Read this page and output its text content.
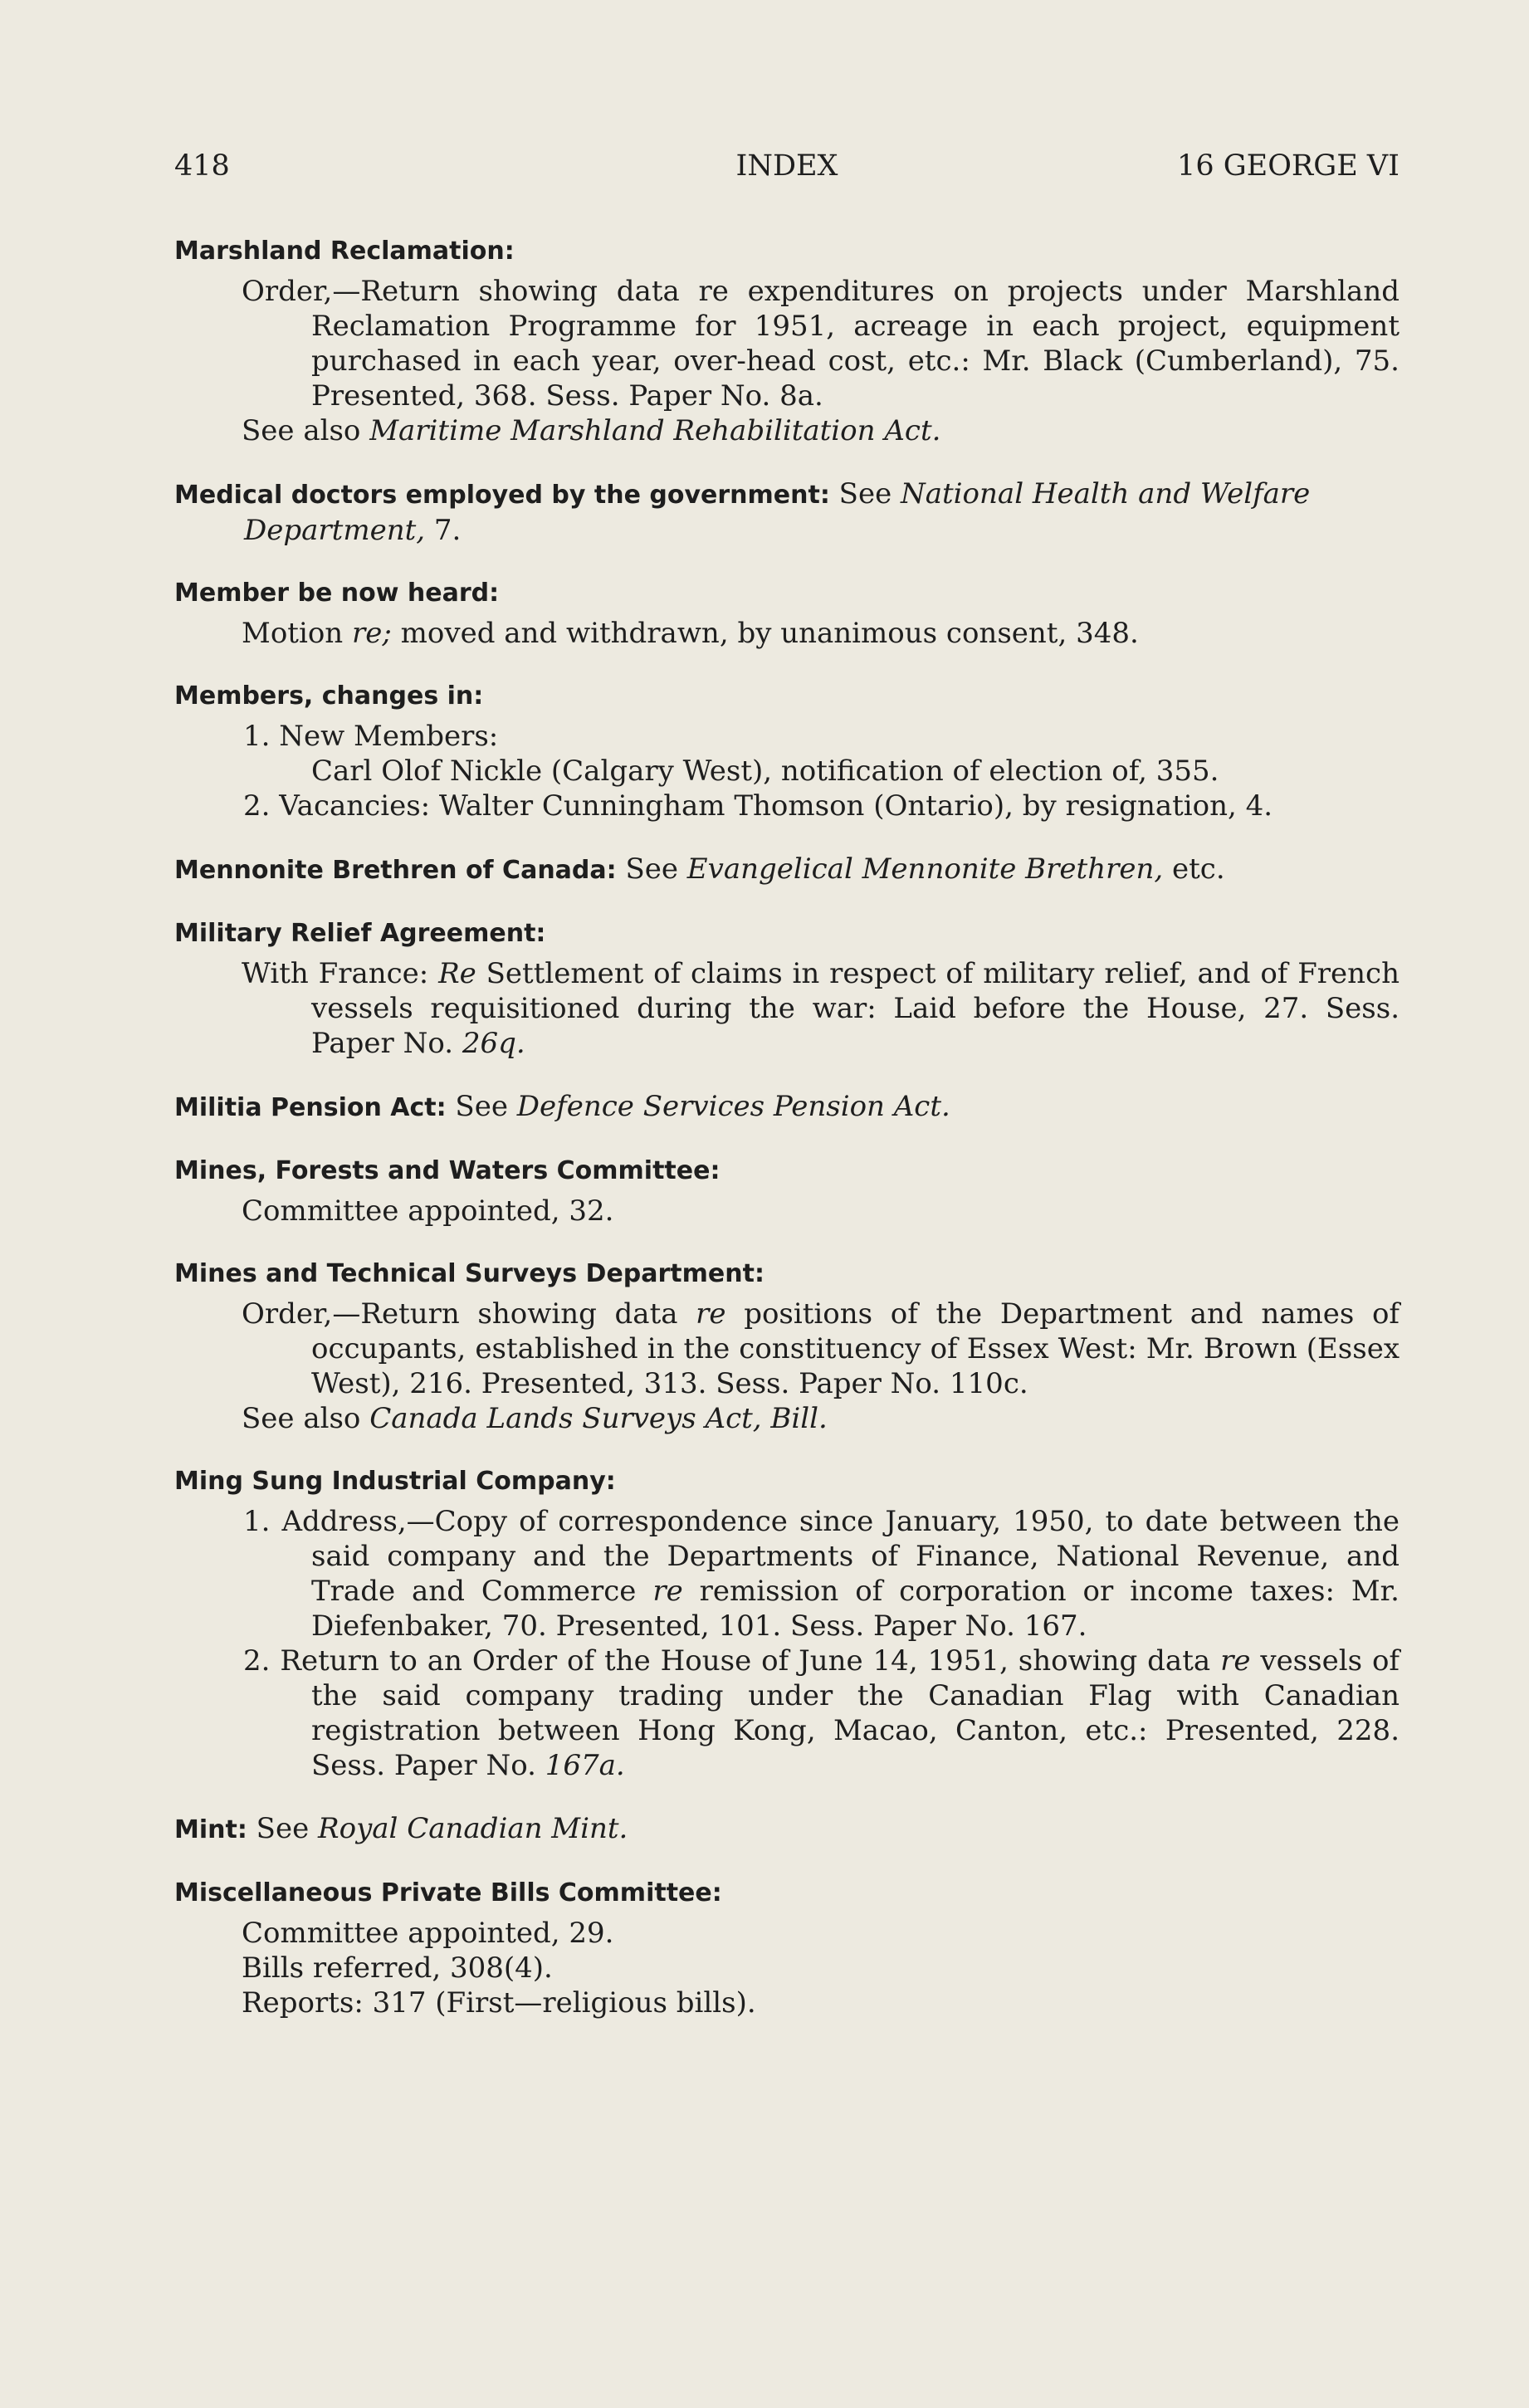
418	INDEX	16 GEORGE VI
Marshland Reclamation:
Order,—Return showing data re expenditures on projects under Marshland Reclamation Programme for 1951, acreage in each project, equipment purchased in each year, over-head cost, etc.: Mr. Black (Cumberland), 75. Presented, 368. Sess. Paper No. 8a.
See also Maritime Marshland Rehabilitation Act.
Medical doctors employed by the government: See National Health and Welfare Department, 7.
Member be now heard:
Motion re; moved and withdrawn, by unanimous consent, 348.
Members, changes in:
1. New Members:
Carl Olof Nickle (Calgary West), notification of election of, 355.
2. Vacancies: Walter Cunningham Thomson (Ontario), by resignation, 4.
Mennonite Brethren of Canada: See Evangelical Mennonite Brethren, etc.
Military Relief Agreement:
With France: Re Settlement of claims in respect of military relief, and of French vessels requisitioned during the war: Laid before the House, 27. Sess. Paper No. 26q.
Militia Pension Act: See Defence Services Pension Act.
Mines, Forests and Waters Committee:
Committee appointed, 32.
Mines and Technical Surveys Department:
Order,—Return showing data re positions of the Department and names of occupants, established in the constituency of Essex West: Mr. Brown (Essex West), 216. Presented, 313. Sess. Paper No. 110c.
See also Canada Lands Surveys Act, Bill.
Ming Sung Industrial Company:
1. Address,—Copy of correspondence since January, 1950, to date between the said company and the Departments of Finance, National Revenue, and Trade and Commerce re remission of corporation or income taxes: Mr. Diefenbaker, 70. Presented, 101. Sess. Paper No. 167.
2. Return to an Order of the House of June 14, 1951, showing data re vessels of the said company trading under the Canadian Flag with Canadian registration between Hong Kong, Macao, Canton, etc.: Presented, 228. Sess. Paper No. 167a.
Mint: See Royal Canadian Mint.
Miscellaneous Private Bills Committee:
Committee appointed, 29.
Bills referred, 308(4).
Reports: 317 (First—religious bills).
